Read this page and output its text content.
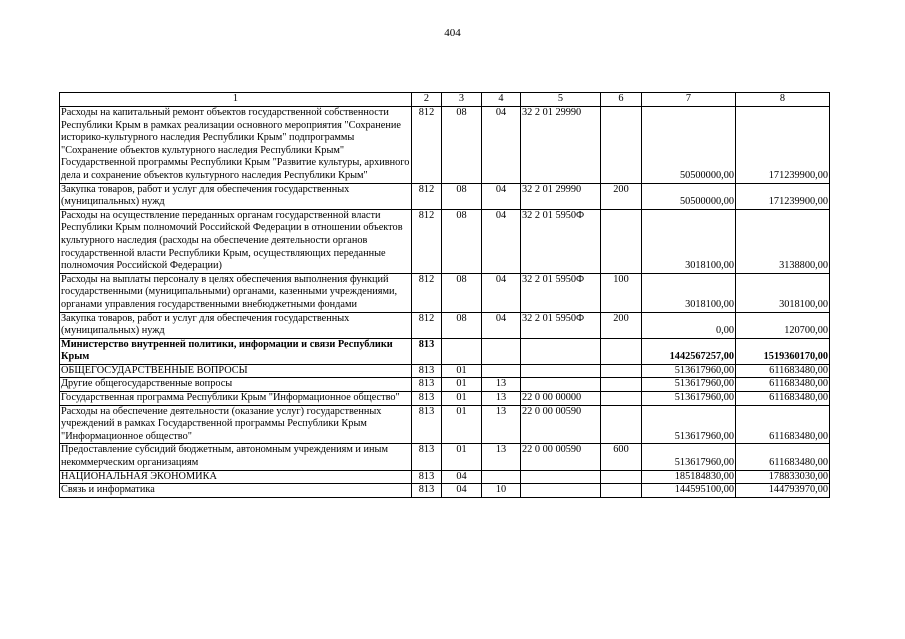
404
1	2	3	4	5	6	7	8
Расходы на капитальный ремонт объектов государственной собственности Республики Крым в рамках реализации основного мероприятия "Сохранение историко-культурного наследия Республики Крым" подпрограммы "Сохранение объектов культурного наследия Республики Крым" Государственной программы Республики Крым "Развитие культуры, архивного дела и сохранение объектов культурного наследия Республики Крым"	812	08	04	32 2 01 29990		50500000,00	171239900,00
Закупка товаров, работ и услуг для обеспечения государственных (муниципальных) нужд	812	08	04	32 2 01 29990	200	50500000,00	171239900,00
Расходы на осуществление переданных органам государственной власти Республики Крым полномочий Российской Федерации в отношении объектов культурного наследия (расходы на обеспечение деятельности органов государственной власти Республики Крым, осуществляющих переданные полномочия Российской Федерации)	812	08	04	32 2 01 5950Ф		3018100,00	3138800,00
Расходы на выплаты персоналу в целях обеспечения выполнения функций государственными (муниципальными) органами, казенными учреждениями, органами управления государственными внебюджетными фондами	812	08	04	32 2 01 5950Ф	100	3018100,00	3018100,00
Закупка товаров, работ и услуг для обеспечения государственных (муниципальных) нужд	812	08	04	32 2 01 5950Ф	200	0,00	120700,00
Министерство внутренней политики, информации и связи Республики Крым	813					1442567257,00	1519360170,00
ОБЩЕГОСУДАРСТВЕННЫЕ ВОПРОСЫ	813	01				513617960,00	611683480,00
Другие общегосударственные вопросы	813	01	13			513617960,00	611683480,00
Государственная программа Республики Крым "Информационное общество"	813	01	13	22 0 00 00000		513617960,00	611683480,00
Расходы на обеспечение деятельности (оказание услуг) государственных учреждений в рамках Государственной программы Республики Крым "Информационное общество"	813	01	13	22 0 00 00590		513617960,00	611683480,00
Предоставление субсидий бюджетным, автономным учреждениям и иным некоммерческим организациям	813	01	13	22 0 00 00590	600	513617960,00	611683480,00
НАЦИОНАЛЬНАЯ ЭКОНОМИКА	813	04				185184830,00	178833030,00
Связь и информатика	813	04	10			144595100,00	144793970,00
